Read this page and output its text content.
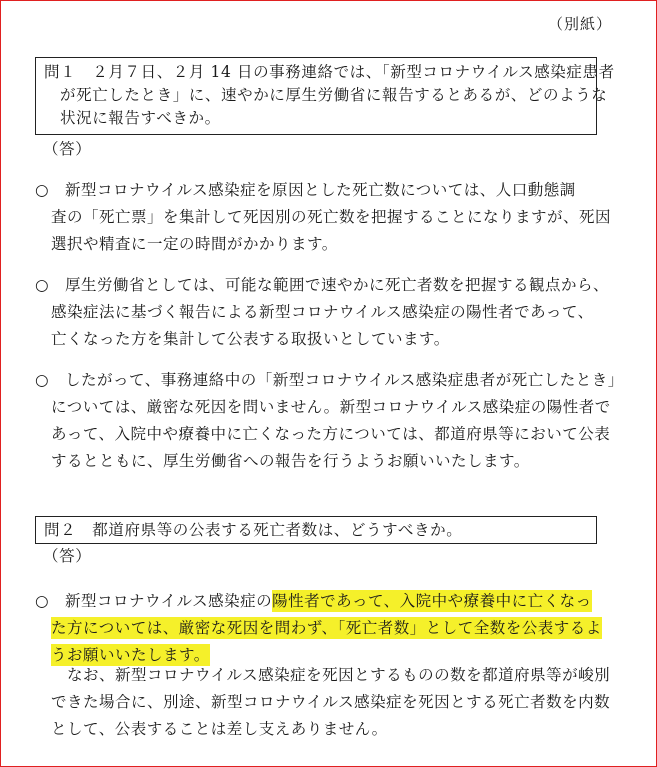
（別紙）
問１　２月７日、２月 14 日の事務連絡では、「新型コロナウイルス感染症患者
が死亡したとき」に、速やかに厚生労働省に報告するとあるが、どのような
状況に報告すべきか。
（答）
○　新型コロナウイルス感染症を原因とした死亡数については、人口動態調
査の「死亡票」を集計して死因別の死亡数を把握することになりますが、死因
選択や精査に一定の時間がかかります。
○　厚生労働省としては、可能な範囲で速やかに死亡者数を把握する観点から、
感染症法に基づく報告による新型コロナウイルス感染症の陽性者であって、
亡くなった方を集計して公表する取扱いとしています。
○　したがって、事務連絡中の「新型コロナウイルス感染症患者が死亡したとき」
については、厳密な死因を問いません。新型コロナウイルス感染症の陽性者で
あって、入院中や療養中に亡くなった方については、都道府県等において公表
するとともに、厚生労働省への報告を行うようお願いいたします。
問２　都道府県等の公表する死亡者数は、どうすべきか。
（答）
○　新型コロナウイルス感染症の陽性者であって、入院中や療養中に亡くなっ
た方については、厳密な死因を問わず、「死亡者数」として全数を公表するよ
うお願いいたします。
なお、新型コロナウイルス感染症を死因とするものの数を都道府県等が峻別
できた場合に、別途、新型コロナウイルス感染症を死因とする死亡者数を内数
として、公表することは差し支えありません。
